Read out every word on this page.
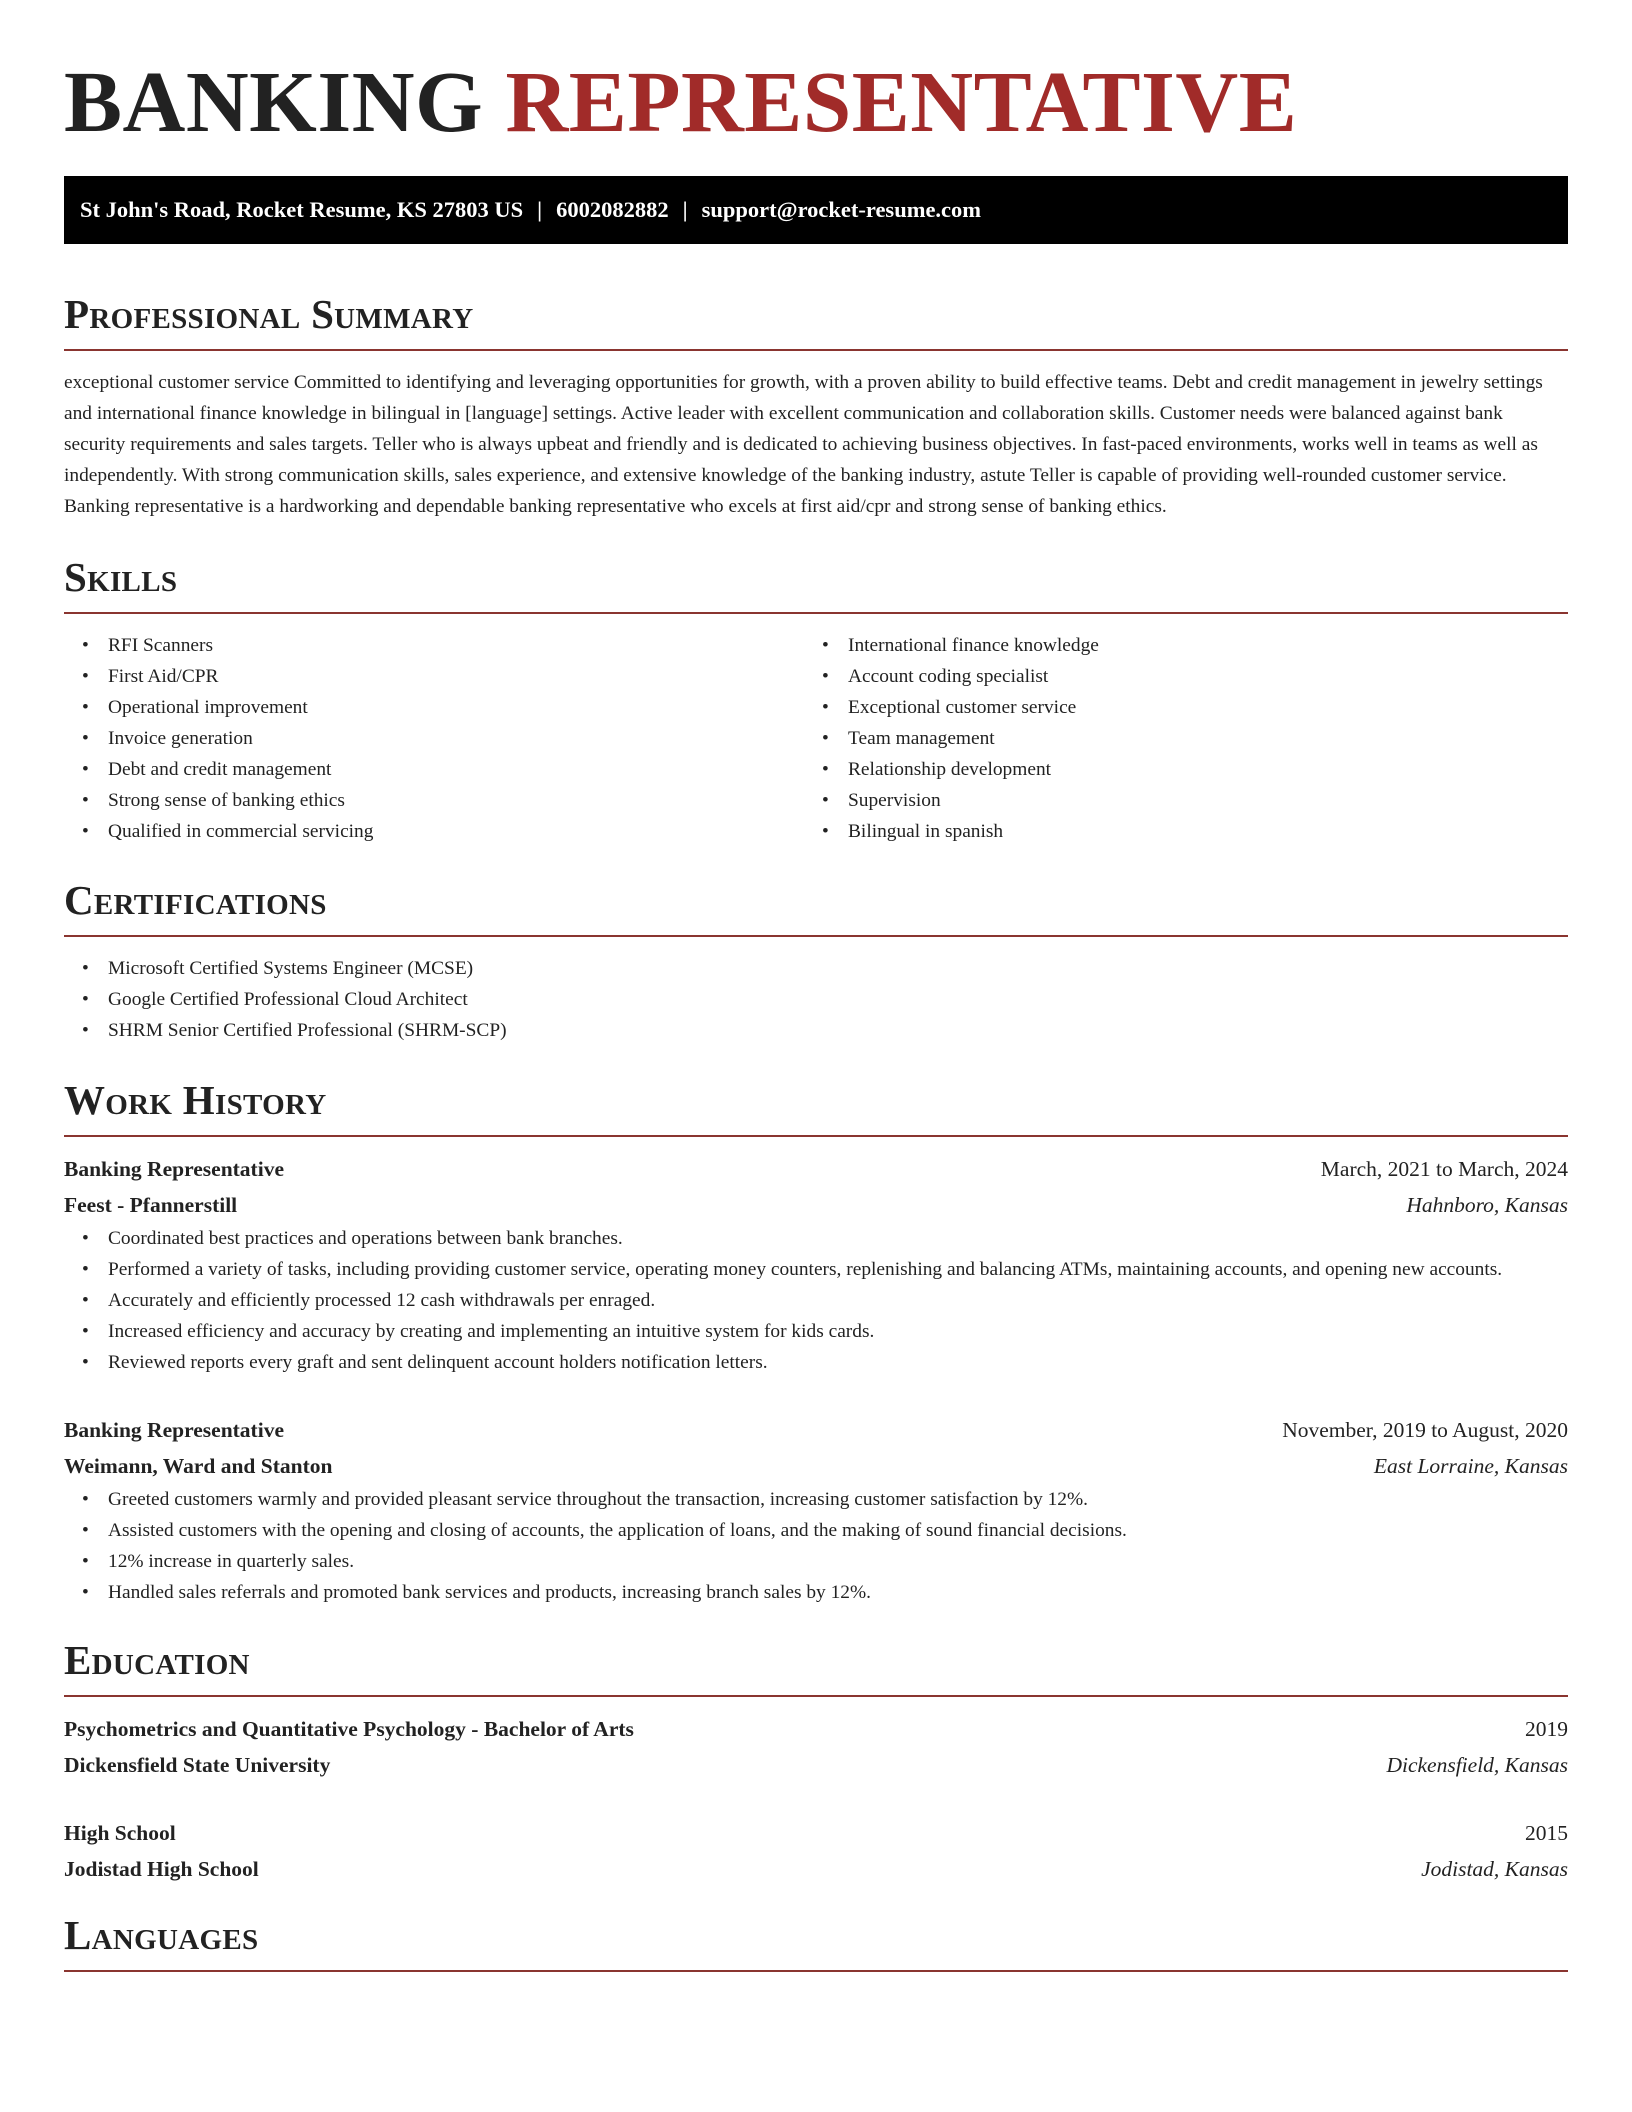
BANKING REPRESENTATIVE
St John's Road, Rocket Resume, KS 27803 US | 6002082882 | support@rocket-resume.com
Professional Summary

exceptional customer service Committed to identifying and leveraging opportunities for growth, with a proven ability to build effective teams. Debt and credit management in jewelry settings and international finance knowledge in bilingual in [language] settings. Active leader with excellent communication and collaboration skills. Customer needs were balanced against bank security requirements and sales targets. Teller who is always upbeat and friendly and is dedicated to achieving business objectives. In fast-paced environments, works well in teams as well as independently. With strong communication skills, sales experience, and extensive knowledge of the banking industry, astute Teller is capable of providing well-rounded customer service. Banking representative is a hardworking and dependable banking representative who excels at first aid/cpr and strong sense of banking ethics.

Skills
• RFI Scanners
• First Aid/CPR
• Operational improvement
• Invoice generation
• Debt and credit management
• Strong sense of banking ethics
• Qualified in commercial servicing
• International finance knowledge
• Account coding specialist
• Exceptional customer service
• Team management
• Relationship development
• Supervision
• Bilingual in spanish
Certifications
• Microsoft Certified Systems Engineer (MCSE)
• Google Certified Professional Cloud Architect
• SHRM Senior Certified Professional (SHRM-SCP)
Work History
Banking Representative	March, 2021 to March, 2024
Feest - Pfannerstill	Hahnboro, Kansas
• Coordinated best practices and operations between bank branches.
• Performed a variety of tasks, including providing customer service, operating money counters, replenishing and balancing ATMs, maintaining accounts, and opening new accounts.
• Accurately and efficiently processed 12 cash withdrawals per enraged.
• Increased efficiency and accuracy by creating and implementing an intuitive system for kids cards.
• Reviewed reports every graft and sent delinquent account holders notification letters.
Banking Representative	November, 2019 to August, 2020
Weimann, Ward and Stanton	East Lorraine, Kansas
• Greeted customers warmly and provided pleasant service throughout the transaction, increasing customer satisfaction by 12%.
• Assisted customers with the opening and closing of accounts, the application of loans, and the making of sound financial decisions.
• 12% increase in quarterly sales.
• Handled sales referrals and promoted bank services and products, increasing branch sales by 12%.
Education
Psychometrics and Quantitative Psychology - Bachelor of Arts	2019
Dickensfield State University	Dickensfield, Kansas
High School	2015
Jodistad High School	Jodistad, Kansas
Languages
